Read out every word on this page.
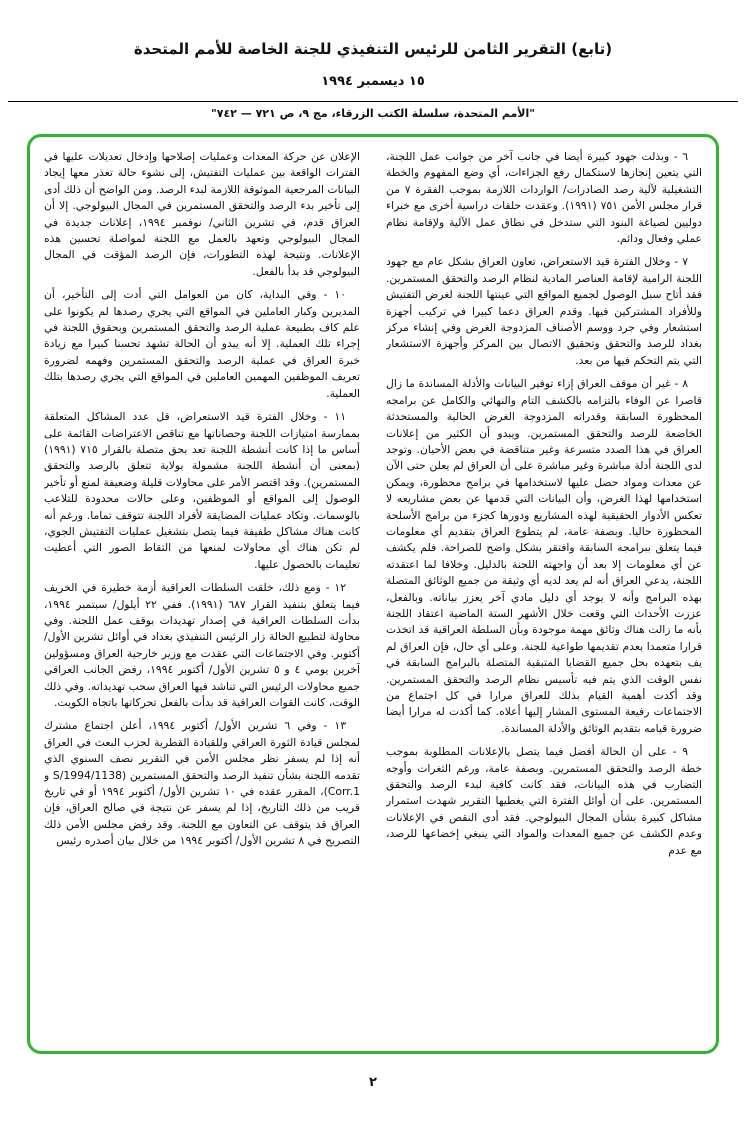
(تابع) التقرير الثامن للرئيس التنفيذي للجنة الخاصة للأمم المتحدة
١٥ ديسمبر ١٩٩٤
"الأمم المتحدة، سلسلة الكتب الزرقاء، مج ٩، ص ٧٢١ — ٧٤٢"

٦ - وبذلت جهود كبيرة أيضا في جانب آخر من جوانب عمل اللجنة، التي يتعين إنجازها لاستكمال رفع الجزاءات، أي وضع المفهوم والخطة التشغيلية لآلية رصد الصادرات/ الواردات اللازمة بموجب الفقرة ٧ من قرار مجلس الأمن ٧٥١ (١٩٩١). وعقدت حلقات دراسية أخرى مع خبراء دوليين لصياغة البنود التي ستدخل في نطاق عمل الآلية ولإقامة نظام عملي وفعال ودائم.

٧ - وخلال الفترة قيد الاستعراض، تعاون العراق بشكل عام مع جهود اللجنة الرامية لإقامة العناصر المادية لنظام الرصد والتحقق المستمرين. فقد أتاح سبل الوصول لجميع المواقع التي عينتها اللجنة لغرض التفتيش وللأفراد المشتركين فيها. وقدم العراق دعما كبيرا في تركيب أجهزة استشعار وفي جرد ووسم الأصناف المزدوجة الغرض وفي إنشاء مركز بغداد للرصد والتحقق وتحقيق الاتصال بين المركز وأجهزة الاستشعار التي يتم التحكم فيها من بعد.

٨ - غير أن موقف العراق إزاء توفير البيانات والأدلة المساندة ما زال قاصرا عن الوفاء بالتزامه بالكشف التام والنهائي والكامل عن برامجه المحظورة السابقة وقدراته المزدوجة الغرض الحالية والمستحدثة الخاضعة للرصد والتحقق المستمرين. ويبدو أن الكثير من إعلانات العراق في هذا الصدد متسرعة وغير متناقضة في بعض الأحيان. وتوجد لدى اللجنة أدلة مباشرة وغير مباشرة على أن العراق لم يعلن حتى الآن عن معدات ومواد حصل عليها لاستخدامها في برامج محظورة، ويمكن استخدامها لهذا الغرض، وأن البيانات التي قدمها عن بعض مشاريعه لا تعكس الأدوار الحقيقية لهذه المشاريع ودورها كجزء من برامج الأسلحة المحظورة حاليا. وبصفة عامة، لم يتطوع العراق بتقديم أي معلومات فيما يتعلق ببرامجه السابقة وافتقر بشكل واضح للصراحة. فلم يكشف عن أي معلومات إلا بعد أن واجهته اللجنة بالدليل. وخلافا لما اعتقدته اللجنة، يدعي العراق أنه لم يعد لديه أي وثيقة من جميع الوثائق المتصلة بهذه البرامج وأنه لا يوجد أي دليل مادي آخر يعزز بياناته. وبالفعل، عززت الأحداث التي وقعت خلال الأشهر الستة الماضية اعتقاد اللجنة بأنه ما زالت هناك وثائق مهمة موجودة وبأن السلطة العراقية قد اتخذت قرارا متعمدا بعدم تقديمها طواعية للجنة. وعلى أي حال، فإن العراق لم يف بتعهده بحل جميع القضايا المتبقية المتصلة بالبرامج السابقة في نفس الوقت الذي يتم فيه تأسيس نظام الرصد والتحقق المستمرين. وقد أكدت أهمية القيام بذلك للعراق مرارا في كل اجتماع من الاجتماعات رفيعة المستوى المشار إليها أعلاه. كما أكدت له مرارا أيضا ضرورة قيامه بتقديم الوثائق والأدلة المساندة.

٩ - على أن الحالة أفضل فيما يتصل بالإعلانات المطلوبة بموجب خطة الرصد والتحقق المستمرين. وبصفة عامة، ورغم الثغرات وأوجه التضارب في هذه البيانات، فقد كانت كافية لبدء الرصد والتحقق المستمرين. على أن أوائل الفترة التي يغطيها التقرير شهدت استمرار مشاكل كبيرة بشأن المجال البيولوجي. فقد أدى النقص في الإعلانات وعدم الكشف عن جميع المعدات والمواد التي ينبغي إخضاعها للرصد، مع عدم

الإعلان عن حركة المعدات وعمليات إصلاحها وإدخال تعديلات عليها في الفترات الواقعة بين عمليات التفتيش، إلى نشوء حالة تعذر معها إيجاد البيانات المرجعية الموثوقة اللازمة لبدء الرصد. ومن الواضح أن ذلك أدى إلى تأخير بدء الرصد والتحقق المستمرين في المجال البيولوجي. إلا أن العراق قدم، في تشرين الثاني/ نوفمبر ١٩٩٤، إعلانات جديدة في المجال البيولوجي وتعهد بالعمل مع اللجنة لمواصلة تحسين هذه الإعلانات. ونتيجة لهذه التطورات، فإن الرصد المؤقت في المجال البيولوجي قد بدأ بالفعل.

١٠ - وفي البداية، كان من العوامل التي أدت إلى التأخير، أن المديرين وكبار العاملين في المواقع التي يجري رصدها لم يكونوا على علم كاف بطبيعة عملية الرصد والتحقق المستمرين وبحقوق اللجنة في إجراء تلك العملية. إلا أنه يبدو أن الحالة تشهد تحسنا كبيرا مع زيادة خبرة العراق في عملية الرصد والتحقق المستمرين وفهمه لضرورة تعريف الموظفين المهمين العاملين في المواقع التي يجري رصدها بتلك العملية.

١١ - وخلال الفترة قيد الاستعراض، قل عدد المشاكل المتعلقة بممارسة امتيازات اللجنة وحصاناتها مع تناقص الاعتراضات القائمة على أساس ما إذا كانت أنشطة اللجنة تعد بحق متصلة بالقرار ٧١٥ (١٩٩١) (بمعنى أن أنشطة اللجنة مشمولة بولاية تتعلق بالرصد والتحقق المستمرين). وقد اقتصر الأمر على محاولات قليلة وضعيفة لمنع أو تأخير الوصول إلى المواقع أو الموظفين، وعلى حالات محدودة للتلاعب بالوسمات. وتكاد عمليات المضايقة لأفراد اللجنة تتوقف تماما. ورغم أنه كانت هناك مشاكل طفيفة فيما يتصل بتشغيل عمليات التفتيش الجوي، لم تكن هناك أي محاولات لمنعها من التقاط الصور التي أعطيت تعليمات بالحصول عليها.

١٢ - ومع ذلك، خلقت السلطات العراقية أزمة خطيرة في الخريف فيما يتعلق بتنفيذ القرار ٦٨٧ (١٩٩١). ففي ٢٢ أيلول/ سبتمبر ١٩٩٤، بدأت السلطات العراقية في إصدار تهديدات بوقف عمل اللجنة. وفي محاولة لتطبيع الحالة زار الرئيس التنفيذي بغداد في أوائل تشرين الأول/ أكتوبر. وفي الاجتماعات التي عقدت مع وزير خارجية العراق ومسؤولين آخرين يومي ٤ و ٥ تشرين الأول/ أكتوبر ١٩٩٤، رفض الجانب العراقي جميع محاولات الرئيس التي تناشد فيها العراق سحب تهديداته. وفي ذلك الوقت، كانت القوات العراقية قد بدأت بالفعل تحركاتها باتجاه الكويت.

١٣ - وفي ٦ تشرين الأول/ أكتوبر ١٩٩٤، أعلن اجتماع مشترك لمجلس قيادة الثورة العراقي وللقيادة القطرية لحزب البعث في العراق أنه إذا لم يسفر نظر مجلس الأمن في التقرير نصف السنوي الذي تقدمه اللجنة بشأن تنفيذ الرصد والتحقق المستمرين (S/1994/1138 و Corr.1)، المقرر عقده في ١٠ تشرين الأول/ أكتوبر ١٩٩٤ أو في تاريخ قريب من ذلك التاريخ، إذا لم يسفر عن نتيجة في صالح العراق، فإن العراق قد يتوقف عن التعاون مع اللجنة. وقد رفض مجلس الأمن ذلك التصريح في ٨ تشرين الأول/ أكتوبر ١٩٩٤ من خلال بيان أصدره رئيس

٢
